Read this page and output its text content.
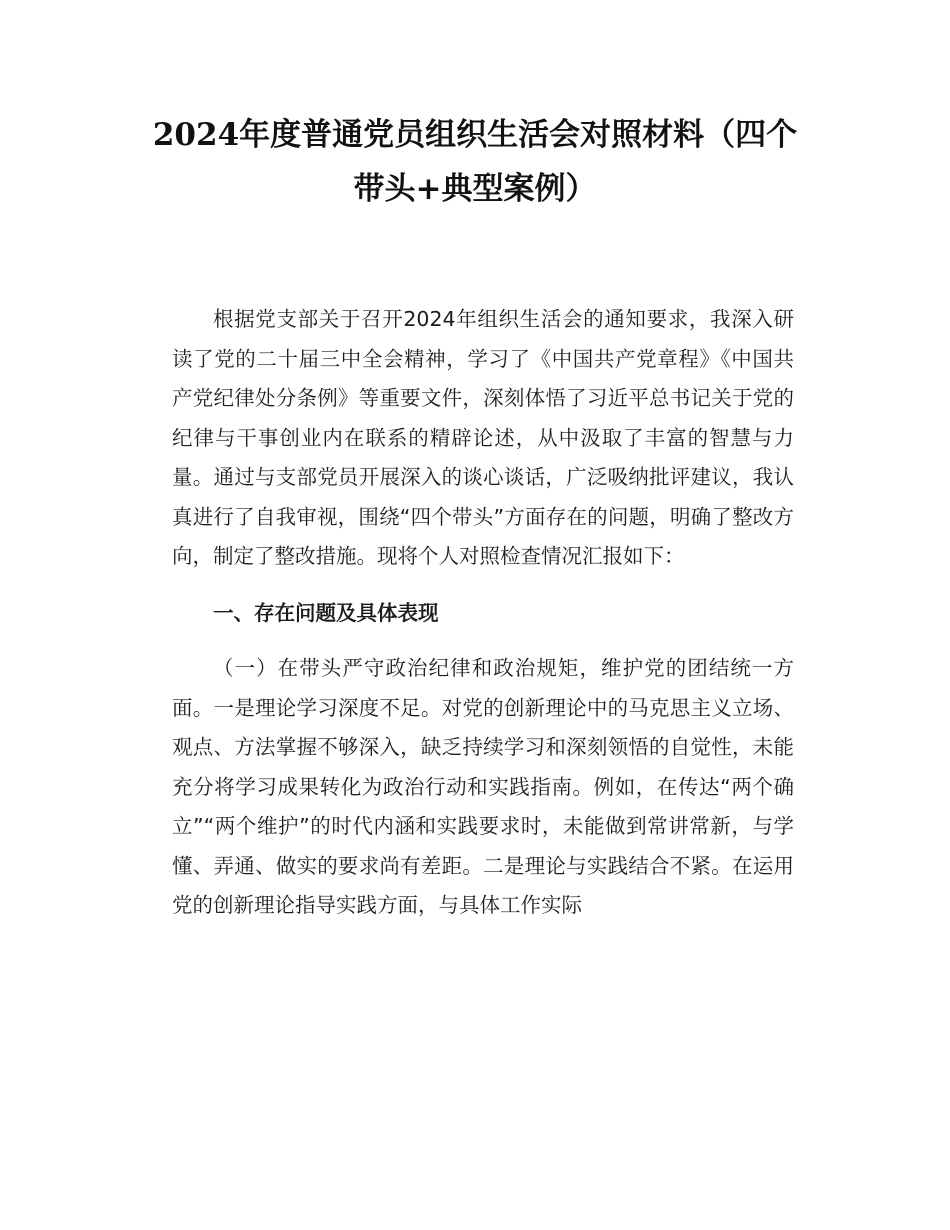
2024年度普通党员组织生活会对照材料（四个带头+典型案例）

根据党支部关于召开2024年组织生活会的通知要求，我深入研读了党的二十届三中全会精神，学习了《中国共产党章程》《中国共产党纪律处分条例》等重要文件，深刻体悟了习近平总书记关于党的纪律与干事创业内在联系的精辟论述，从中汲取了丰富的智慧与力量。通过与支部党员开展深入的谈心谈话，广泛吸纳批评建议，我认真进行了自我审视，围绕“四个带头”方面存在的问题，明确了整改方向，制定了整改措施。现将个人对照检查情况汇报如下：

一、存在问题及具体表现

（一）在带头严守政治纪律和政治规矩，维护党的团结统一方面。一是理论学习深度不足。对党的创新理论中的马克思主义立场、观点、方法掌握不够深入，缺乏持续学习和深刻领悟的自觉性，未能充分将学习成果转化为政治行动和实践指南。例如，在传达“两个确立”“两个维护”的时代内涵和实践要求时，未能做到常讲常新，与学懂、弄通、做实的要求尚有差距。二是理论与实践结合不紧。在运用党的创新理论指导实践方面，与具体工作实际
